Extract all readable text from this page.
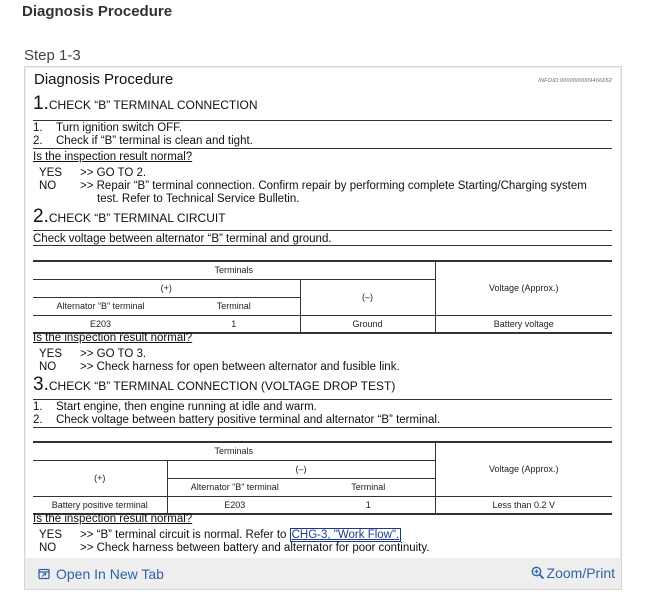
Diagnosis Procedure
Step 1-3
Diagnosis Procedure	INFOID:0000000009466652
1.CHECK “B” TERMINAL CONNECTION
1. Turn ignition switch OFF.
2. Check if “B” terminal is clean and tight.
Is the inspection result normal?
YES >> GO TO 2.
NO >> Repair “B” terminal connection. Confirm repair by performing complete Starting/Charging system
test. Refer to Technical Service Bulletin.
2.CHECK “B” TERMINAL CIRCUIT
Check voltage between alternator “B” terminal and ground.
Terminals			Voltage (Approx.)
(+)		(–)	
Alternator “B” terminal	Terminal		
E203	1	Ground	Battery voltage
Is the inspection result normal?
YES >> GO TO 3.
NO >> Check harness for open between alternator and fusible link.
3.CHECK “B” TERMINAL CONNECTION (VOLTAGE DROP TEST)
1. Start engine, then engine running at idle and warm.
2. Check voltage between battery positive terminal and alternator “B” terminal.
Terminals			Voltage (Approx.)
(+)	(–)		
	Alternator “B” terminal	Terminal	
Battery positive terminal	E203	1	Less than 0.2 V
Is the inspection result normal?
YES >> “B” terminal circuit is normal. Refer to CHG-3, "Work Flow".
NO >> Check harness between battery and alternator for poor continuity.
Open In New Tab	Zoom/Print
